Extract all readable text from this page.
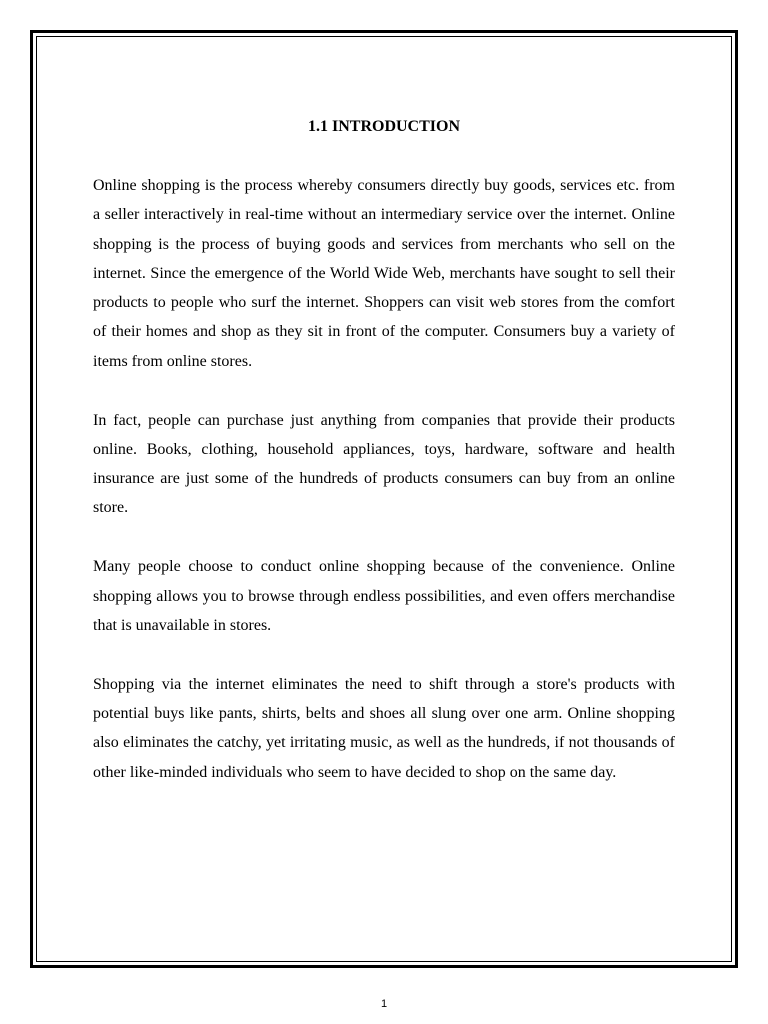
1.1 INTRODUCTION

Online shopping is the process whereby consumers directly buy goods, services etc. from a seller interactively in real-time without an intermediary service over the internet. Online shopping is the process of buying goods and services from merchants who sell on the internet. Since the emergence of the World Wide Web, merchants have sought to sell their products to people who surf the internet. Shoppers can visit web stores from the comfort of their homes and shop as they sit in front of the computer. Consumers buy a variety of items from online stores.

In fact, people can purchase just anything from companies that provide their products online. Books, clothing, household appliances, toys, hardware, software and health insurance are just some of the hundreds of products consumers can buy from an online store.

Many people choose to conduct online shopping because of the convenience. Online shopping allows you to browse through endless possibilities, and even offers merchandise that is unavailable in stores.

Shopping via the internet eliminates the need to shift through a store's products with potential buys like pants, shirts, belts and shoes all slung over one arm. Online shopping also eliminates the catchy, yet irritating music, as well as the hundreds, if not thousands of other like-minded individuals who seem to have decided to shop on the same day.

1
